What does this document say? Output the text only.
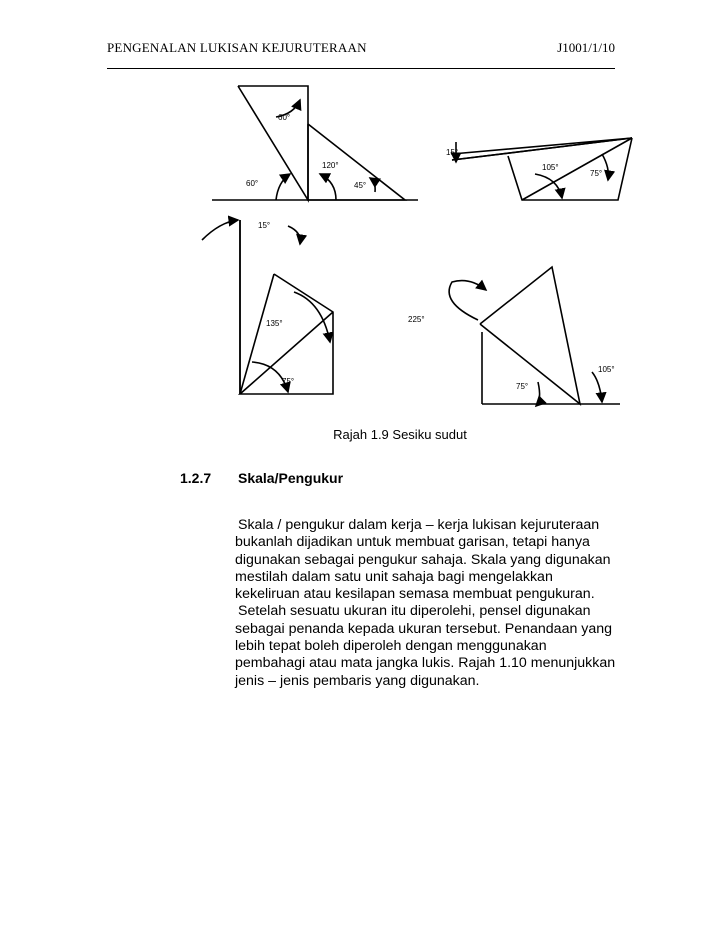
PENGENALAN LUKISAN KEJURUTERAAN	J1001/1/10
60°
120°
60°	45°
15°
105°
75°
15°
135°
75°
225°
105°
75°
Rajah 1.9 Sesiku sudut
1.2.7 Skala/Pengukur
Skala / pengukur dalam kerja – kerja lukisan kejuruteraan
bukanlah dijadikan untuk membuat garisan, tetapi hanya
digunakan sebagai pengukur sahaja. Skala yang digunakan
mestilah dalam satu unit sahaja bagi mengelakkan
kekeliruan atau kesilapan semasa membuat pengukuran.
Setelah sesuatu ukuran itu diperolehi, pensel digunakan
sebagai penanda kepada ukuran tersebut. Penandaan yang
lebih tepat boleh diperoleh dengan menggunakan
pembahagi atau mata jangka lukis. Rajah 1.10 menunjukkan
jenis – jenis pembaris yang digunakan.
